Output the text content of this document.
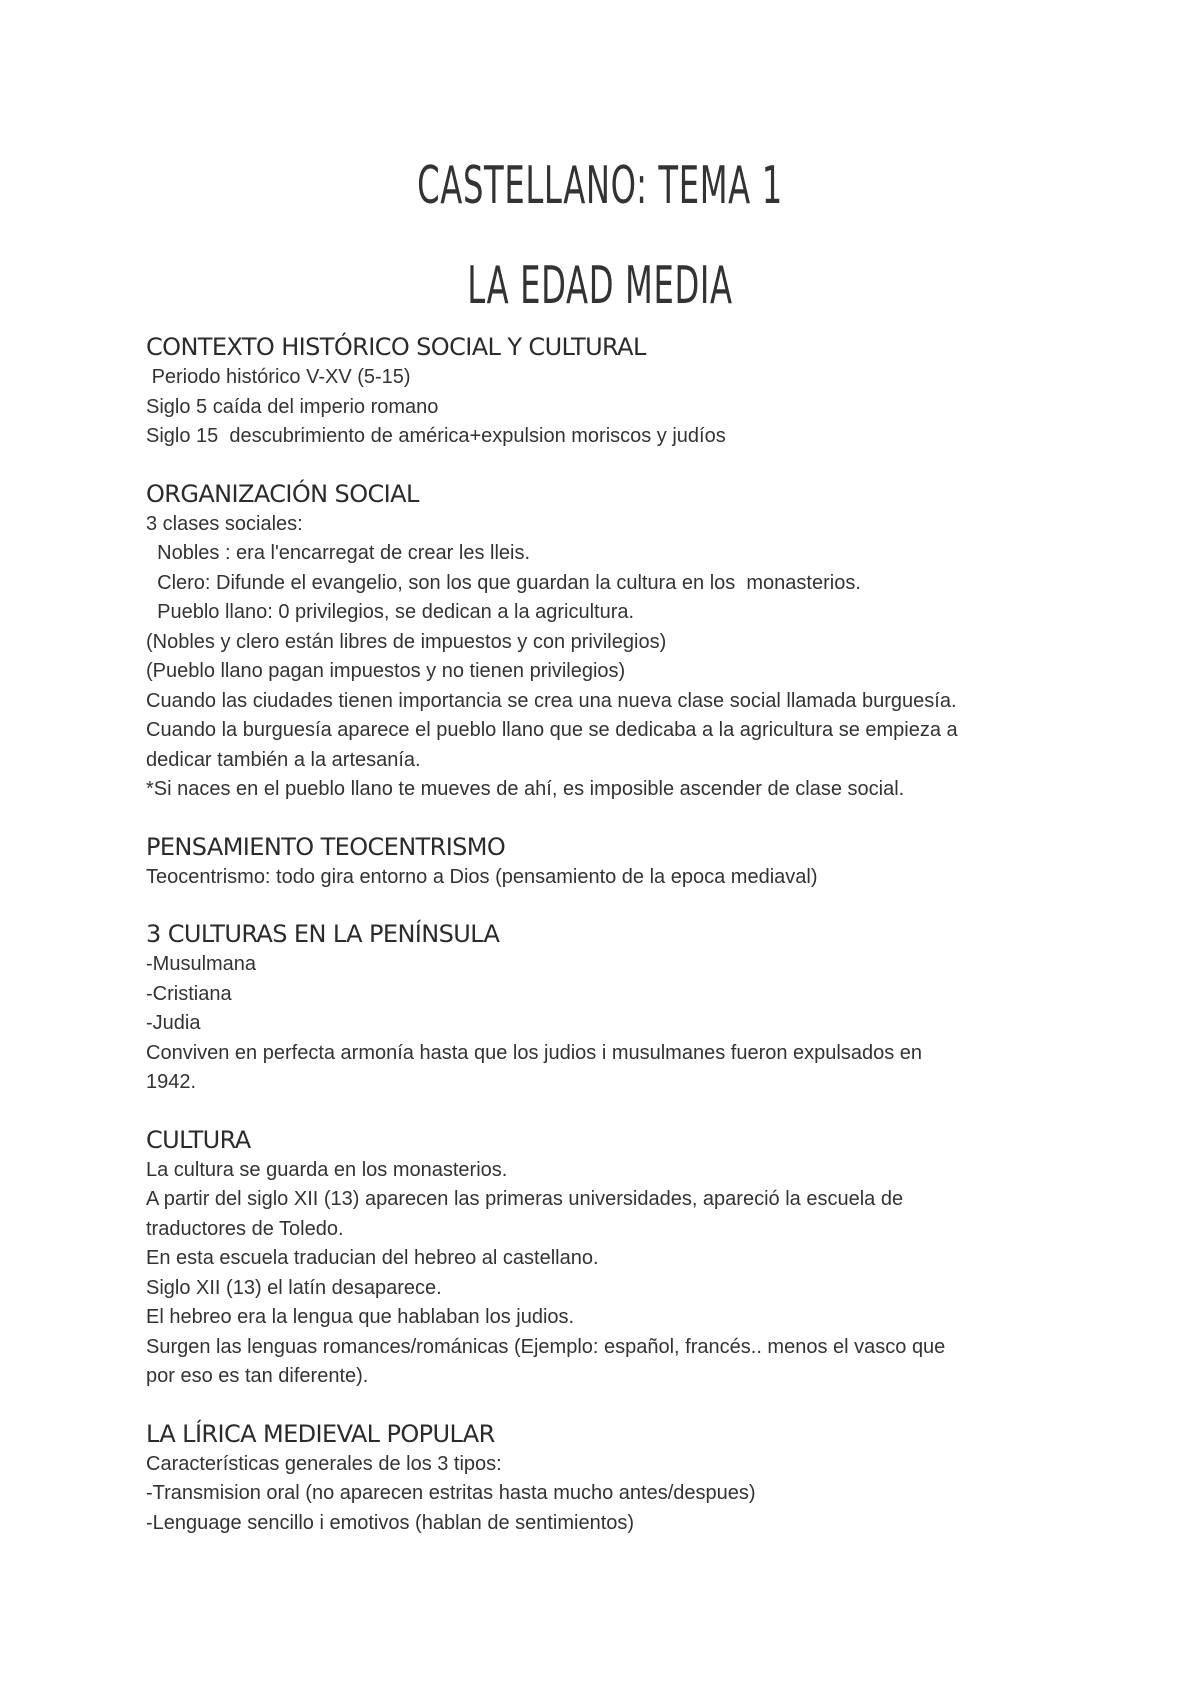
CASTELLANO: TEMA 1
LA EDAD MEDIA
CONTEXTO HISTÓRICO SOCIAL Y CULTURAL

Periodo histórico V-XV (5-15)

Siglo 5 caída del imperio romano

Siglo 15  descubrimiento de américa+expulsion moriscos y judíos

ORGANIZACIÓN SOCIAL

3 clases sociales:

Nobles : era l'encarregat de crear les lleis.

Clero: Difunde el evangelio, son los que guardan la cultura en los  monasterios.

Pueblo llano: 0 privilegios, se dedican a la agricultura.

(Nobles y clero están libres de impuestos y con privilegios)

(Pueblo llano pagan impuestos y no tienen privilegios)

Cuando las ciudades tienen importancia se crea una nueva clase social llamada burguesía.

Cuando la burguesía aparece el pueblo llano que se dedicaba a la agricultura se empieza a

dedicar también a la artesanía.

*Si naces en el pueblo llano te mueves de ahí, es imposible ascender de clase social.

PENSAMIENTO TEOCENTRISMO

Teocentrismo: todo gira entorno a Dios (pensamiento de la epoca mediaval)

3 CULTURAS EN LA PENÍNSULA

-Musulmana

-Cristiana

-Judia

Conviven en perfecta armonía hasta que los judios i musulmanes fueron expulsados en

1942.

CULTURA

La cultura se guarda en los monasterios.

A partir del siglo XII (13) aparecen las primeras universidades, apareció la escuela de

traductores de Toledo.

En esta escuela traducian del hebreo al castellano.

Siglo XII (13) el latín desaparece.

El hebreo era la lengua que hablaban los judios.

Surgen las lenguas romances/románicas (Ejemplo: español, francés.. menos el vasco que

por eso es tan diferente).

LA LÍRICA MEDIEVAL POPULAR

Características generales de los 3 tipos:

-Transmision oral (no aparecen estritas hasta mucho antes/despues)

-Lenguage sencillo i emotivos (hablan de sentimientos)
